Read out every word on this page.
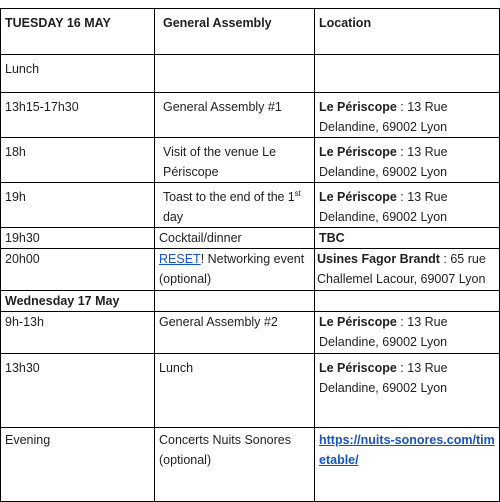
TUESDAY 16 MAY	General Assembly	Location
Lunch		
13h15-17h30	General Assembly #1	Le Périscope : 13 Rue Delandine, 69002 Lyon
18h	Visit of the venue Le Périscope	Le Périscope : 13 Rue Delandine, 69002 Lyon
19h	Toast to the end of the 1st day	Le Périscope : 13 Rue Delandine, 69002 Lyon
19h30	Cocktail/dinner	TBC
20h00	RESET! Networking event (optional)	Usines Fagor Brandt : 65 rue Challemel Lacour, 69007 Lyon
Wednesday 17 May		
9h-13h	General Assembly #2	Le Périscope : 13 Rue Delandine, 69002 Lyon
13h30	Lunch	Le Périscope : 13 Rue Delandine, 69002 Lyon
Evening	Concerts Nuits Sonores (optional)	https://nuits-sonores.com/timetable/
